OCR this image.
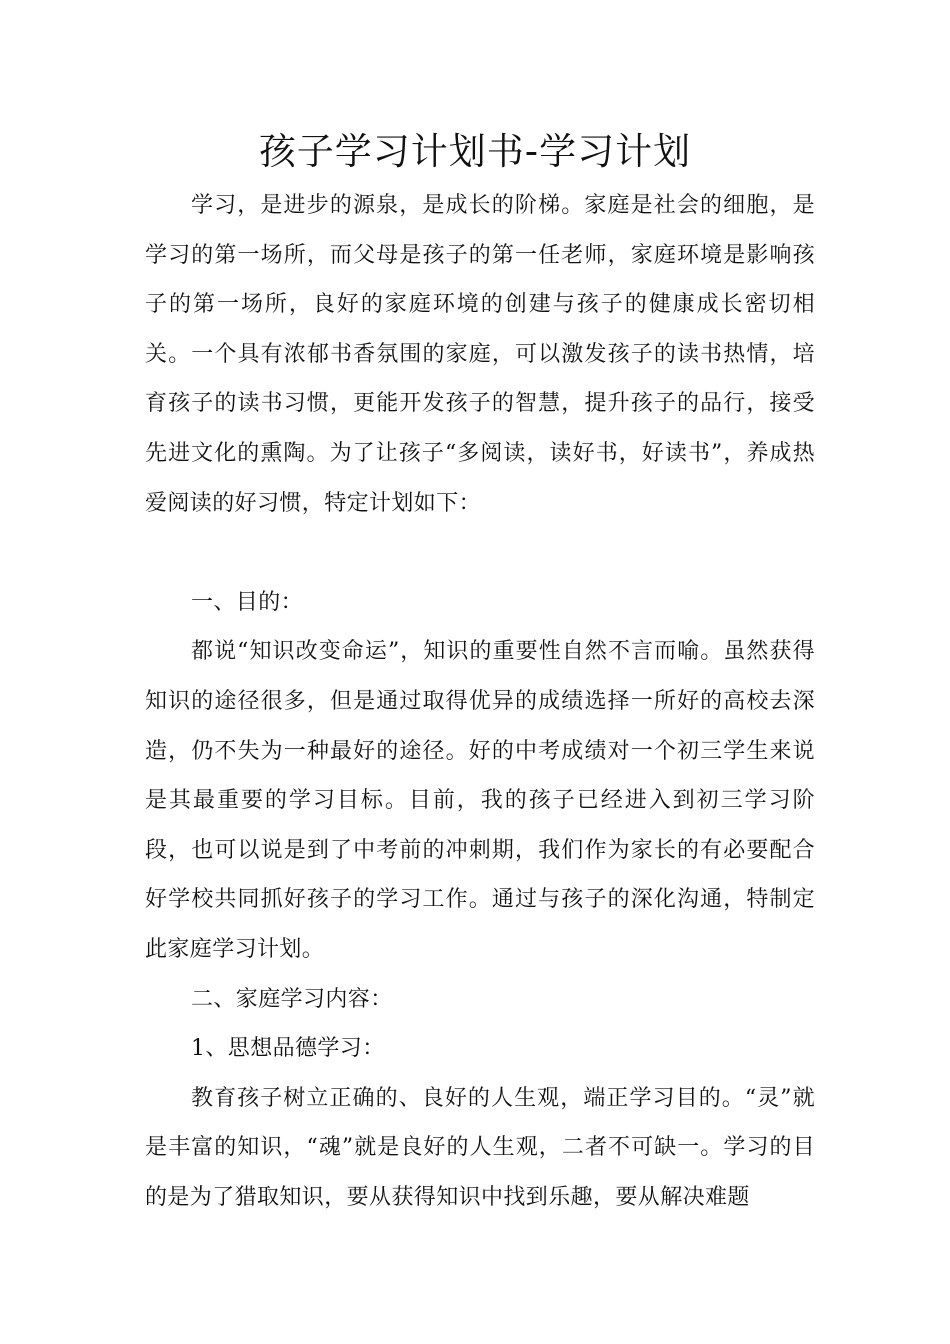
孩子学习计划书-学习计划

学习，是进步的源泉，是成长的阶梯。家庭是社会的细胞，是学习的第一场所，而父母是孩子的第一任老师，家庭环境是影响孩子的第一场所，良好的家庭环境的创建与孩子的健康成长密切相关。一个具有浓郁书香氛围的家庭，可以激发孩子的读书热情，培育孩子的读书习惯，更能开发孩子的智慧，提升孩子的品行，接受先进文化的熏陶。为了让孩子“多阅读，读好书，好读书”，养成热爱阅读的好习惯，特定计划如下：

一、目的：

都说“知识改变命运”，知识的重要性自然不言而喻。虽然获得知识的途径很多，但是通过取得优异的成绩选择一所好的高校去深造，仍不失为一种最好的途径。好的中考成绩对一个初三学生来说是其最重要的学习目标。目前，我的孩子已经进入到初三学习阶段，也可以说是到了中考前的冲刺期，我们作为家长的有必要配合好学校共同抓好孩子的学习工作。通过与孩子的深化沟通，特制定此家庭学习计划。

二、家庭学习内容：

1、思想品德学习：

教育孩子树立正确的、良好的人生观，端正学习目的。“灵”就是丰富的知识，“魂”就是良好的人生观，二者不可缺一。学习的目的是为了猎取知识，要从获得知识中找到乐趣，要从解决难题
